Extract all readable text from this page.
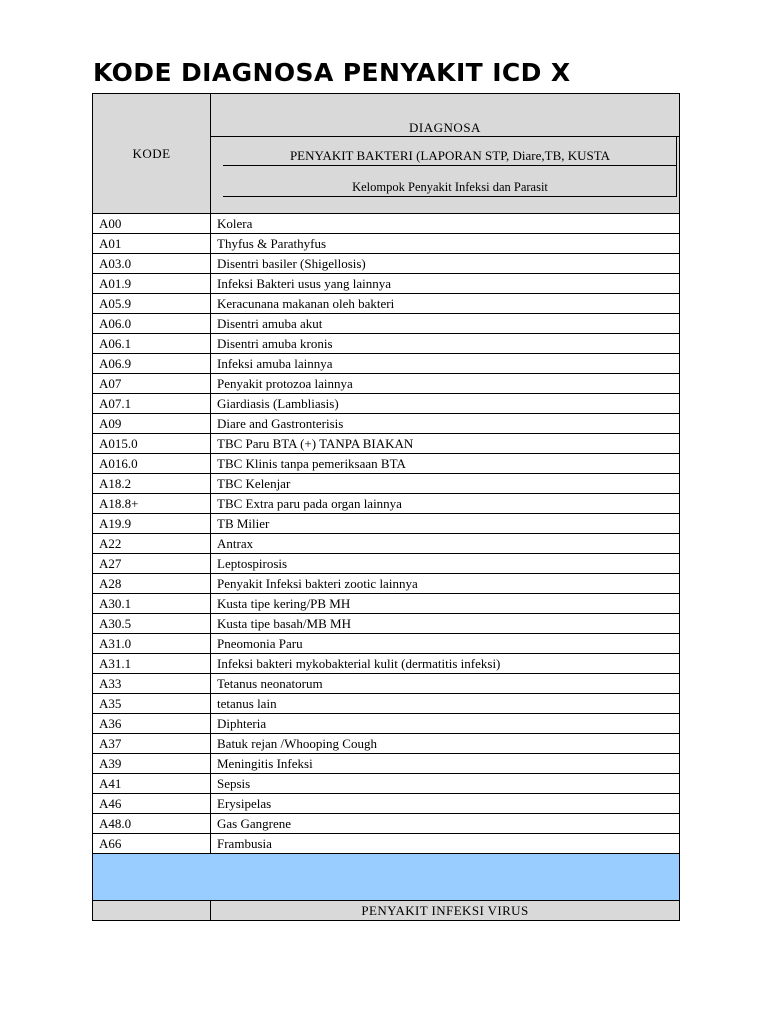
KODE DIAGNOSA PENYAKIT ICD X
KODE	DIAGNOSA
PENYAKIT BAKTERI (LAPORAN STP, Diare,TB, KUSTA
Kelompok Penyakit Infeksi dan Parasit

A00	Kolera
A01	Thyfus & Parathyfus
A03.0	Disentri basiler (Shigellosis)
A01.9	Infeksi Bakteri usus yang lainnya
A05.9	Keracunana makanan oleh bakteri
A06.0	Disentri amuba akut
A06.1	Disentri amuba kronis
A06.9	Infeksi amuba lainnya
A07	Penyakit protozoa lainnya
A07.1	Giardiasis (Lambliasis)
A09	Diare and Gastronterisis
A015.0	TBC Paru BTA (+) TANPA BIAKAN
A016.0	TBC Klinis tanpa pemeriksaan BTA
A18.2	TBC Kelenjar
A18.8+	TBC Extra paru pada organ lainnya
A19.9	TB Milier
A22	Antrax
A27	Leptospirosis
A28	Penyakit Infeksi bakteri zootic lainnya
A30.1	Kusta tipe kering/PB MH
A30.5	Kusta tipe basah/MB MH
A31.0	Pneomonia Paru
A31.1	Infeksi bakteri mykobakterial kulit (dermatitis infeksi)
A33	Tetanus neonatorum
A35	tetanus lain
A36	Diphteria
A37	Batuk rejan /Whooping Cough
A39	Meningitis Infeksi
A41	Sepsis
A46	Erysipelas
A48.0	Gas Gangrene
A66	Frambusia

	PENYAKIT INFEKSI VIRUS
